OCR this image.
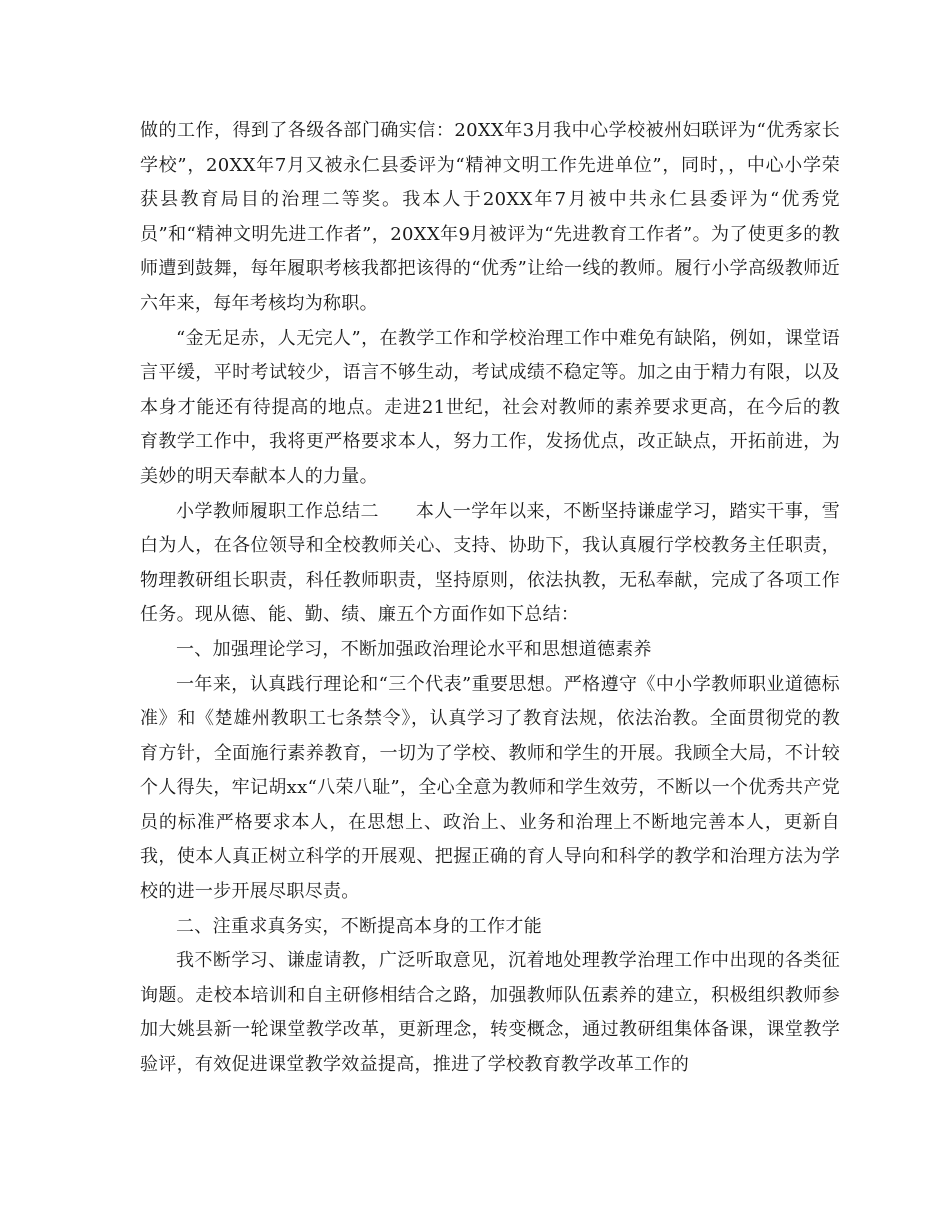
做的工作，得到了各级各部门确实信：20XX年3月我中心学校被州妇联评为“优秀家长学校”，20XX年7月又被永仁县委评为“精神文明工作先进单位”，同时，，中心小学荣获县教育局目的治理二等奖。我本人于20XX年7月被中共永仁县委评为“优秀党员”和“精神文明先进工作者”，20XX年9月被评为“先进教育工作者”。为了使更多的教师遭到鼓舞，每年履职考核我都把该得的“优秀”让给一线的教师。履行小学高级教师近六年来，每年考核均为称职。

“金无足赤，人无完人”，在教学工作和学校治理工作中难免有缺陷，例如，课堂语言平缓，平时考试较少，语言不够生动，考试成绩不稳定等。加之由于精力有限，以及本身才能还有待提高的地点。走进21世纪，社会对教师的素养要求更高，在今后的教育教学工作中，我将更严格要求本人，努力工作，发扬优点，改正缺点，开拓前进，为美妙的明天奉献本人的力量。

小学教师履职工作总结二　　本人一学年以来，不断坚持谦虚学习，踏实干事，雪白为人，在各位领导和全校教师关心、支持、协助下，我认真履行学校教务主任职责，物理教研组长职责，科任教师职责，坚持原则，依法执教，无私奉献，完成了各项工作任务。现从德、能、勤、绩、廉五个方面作如下总结：

一、加强理论学习，不断加强政治理论水平和思想道德素养

一年来，认真践行理论和“三个代表”重要思想。严格遵守《中小学教师职业道德标准》和《楚雄州教职工七条禁令》，认真学习了教育法规，依法治教。全面贯彻党的教育方针，全面施行素养教育，一切为了学校、教师和学生的开展。我顾全大局，不计较个人得失，牢记胡xx“八荣八耻”，全心全意为教师和学生效劳，不断以一个优秀共产党员的标准严格要求本人，在思想上、政治上、业务和治理上不断地完善本人，更新自我，使本人真正树立科学的开展观、把握正确的育人导向和科学的教学和治理方法为学校的进一步开展尽职尽责。

二、注重求真务实，不断提高本身的工作才能

我不断学习、谦虚请教，广泛听取意见，沉着地处理教学治理工作中出现的各类征询题。走校本培训和自主研修相结合之路，加强教师队伍素养的建立，积极组织教师参加大姚县新一轮课堂教学改革，更新理念，转变概念，通过教研组集体备课，课堂教学验评，有效促进课堂教学效益提高，推进了学校教育教学改革工作的
